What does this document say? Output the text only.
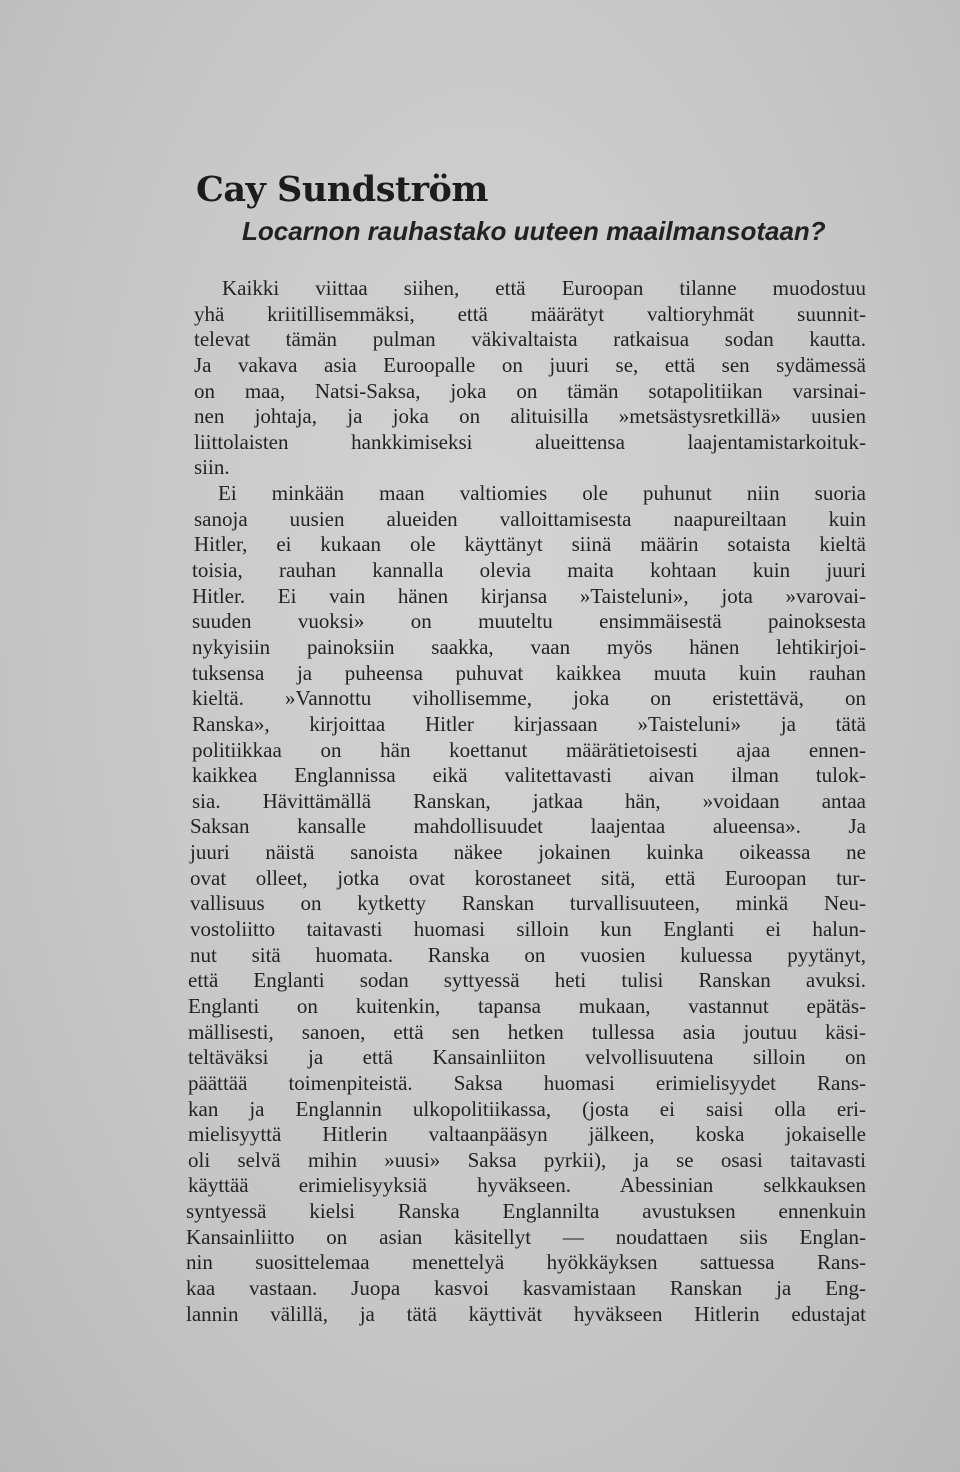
Cay Sundström
Locarnon rauhastako uuteen maailmansotaan?
Kaikki viittaa siihen, että Euroopan tilanne muodostuu
yhä kriitillisemmäksi, että määrätyt valtioryhmät suunnit-
televat tämän pulman väkivaltaista ratkaisua sodan kautta.
Ja vakava asia Euroopalle on juuri se, että sen sydämessä
on maa, Natsi-Saksa, joka on tämän sotapolitiikan varsinai-
nen johtaja, ja joka on alituisilla »metsästysretkillä» uusien
liittolaisten hankkimiseksi alueittensa laajentamistarkoituk-
siin.
Ei minkään maan valtiomies ole puhunut niin suoria
sanoja uusien alueiden valloittamisesta naapureiltaan kuin
Hitler, ei kukaan ole käyttänyt siinä määrin sotaista kieltä
toisia, rauhan kannalla olevia maita kohtaan kuin juuri
Hitler. Ei vain hänen kirjansa »Taisteluni», jota »varovai-
suuden vuoksi» on muuteltu ensimmäisestä painoksesta
nykyisiin painoksiin saakka, vaan myös hänen lehtikirjoi-
tuksensa ja puheensa puhuvat kaikkea muuta kuin rauhan
kieltä. »Vannottu vihollisemme, joka on eristettävä, on
Ranska», kirjoittaa Hitler kirjassaan »Taisteluni» ja tätä
politiikkaa on hän koettanut määrätietoisesti ajaa ennen-
kaikkea Englannissa eikä valitettavasti aivan ilman tulok-
sia. Hävittämällä Ranskan, jatkaa hän, »voidaan antaa
Saksan kansalle mahdollisuudet laajentaa alueensa». Ja
juuri näistä sanoista näkee jokainen kuinka oikeassa ne
ovat olleet, jotka ovat korostaneet sitä, että Euroopan tur-
vallisuus on kytketty Ranskan turvallisuuteen, minkä Neu-
vostoliitto taitavasti huomasi silloin kun Englanti ei halun-
nut sitä huomata. Ranska on vuosien kuluessa pyytänyt,
että Englanti sodan syttyessä heti tulisi Ranskan avuksi.
Englanti on kuitenkin, tapansa mukaan, vastannut epätäs-
mällisesti, sanoen, että sen hetken tullessa asia joutuu käsi-
teltäväksi ja että Kansainliiton velvollisuutena silloin on
päättää toimenpiteistä. Saksa huomasi erimielisyydet Rans-
kan ja Englannin ulkopolitiikassa, (josta ei saisi olla eri-
mielisyyttä Hitlerin valtaanpääsyn jälkeen, koska jokaiselle
oli selvä mihin »uusi» Saksa pyrkii), ja se osasi taitavasti
käyttää erimielisyyksiä hyväkseen. Abessinian selkkauksen
syntyessä kielsi Ranska Englannilta avustuksen ennenkuin
Kansainliitto on asian käsitellyt — noudattaen siis Englan-
nin suosittelemaa menettelyä hyökkäyksen sattuessa Rans-
kaa vastaan. Juopa kasvoi kasvamistaan Ranskan ja Eng-
lannin välillä, ja tätä käyttivät hyväkseen Hitlerin edustajat
